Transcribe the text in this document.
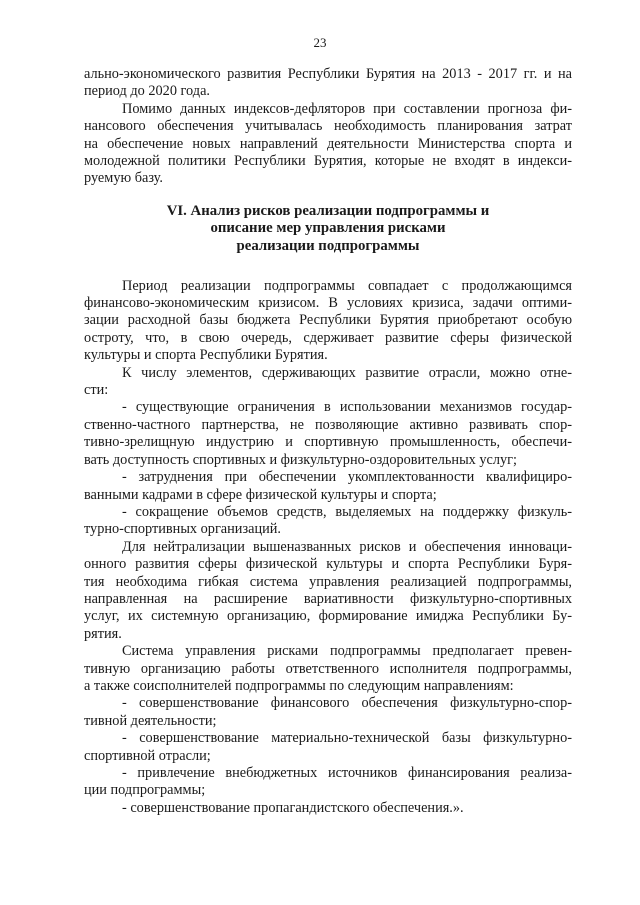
23
ально-экономического развития Республики Бурятия на 2013 - 2017 гг. и на
период до 2020 года.
Помимо данных индексов-дефляторов при составлении прогноза фи-
нансового обеспечения учитывалась необходимость планирования затрат
на обеспечение новых направлений деятельности Министерства спорта и
молодежной политики Республики Бурятия, которые не входят в индекси-
руемую базу.
VI. Анализ рисков реализации подпрограммы и
описание мер управления рисками
реализации подпрограммы
Период реализации подпрограммы совпадает с продолжающимся
финансово-экономическим кризисом. В условиях кризиса, задачи оптими-
зации расходной базы бюджета Республики Бурятия приобретают особую
остроту, что, в свою очередь, сдерживает развитие сферы физической
культуры и спорта Республики Бурятия.
К числу элементов, сдерживающих развитие отрасли, можно отне-
сти:
- существующие ограничения в использовании механизмов государ-
ственно-частного партнерства, не позволяющие активно развивать спор-
тивно-зрелищную индустрию и спортивную промышленность, обеспечи-
вать доступность спортивных и физкультурно-оздоровительных услуг;
- затруднения при обеспечении укомплектованности квалифициро-
ванными кадрами в сфере физической культуры и спорта;
- сокращение объемов средств, выделяемых на поддержку физкуль-
турно-спортивных организаций.
Для нейтрализации вышеназванных рисков и обеспечения инноваци-
онного развития сферы физической культуры и спорта Республики Буря-
тия необходима гибкая система управления реализацией подпрограммы,
направленная на расширение вариативности физкультурно-спортивных
услуг, их системную организацию, формирование имиджа Республики Бу-
рятия.
Система управления рисками подпрограммы предполагает превен-
тивную организацию работы ответственного исполнителя подпрограммы,
а также соисполнителей подпрограммы по следующим направлениям:
- совершенствование финансового обеспечения физкультурно-спор-
тивной деятельности;
- совершенствование материально-технической базы физкультурно-
спортивной отрасли;
- привлечение внебюджетных источников финансирования реализа-
ции подпрограммы;
- совершенствование пропагандистского обеспечения.».
